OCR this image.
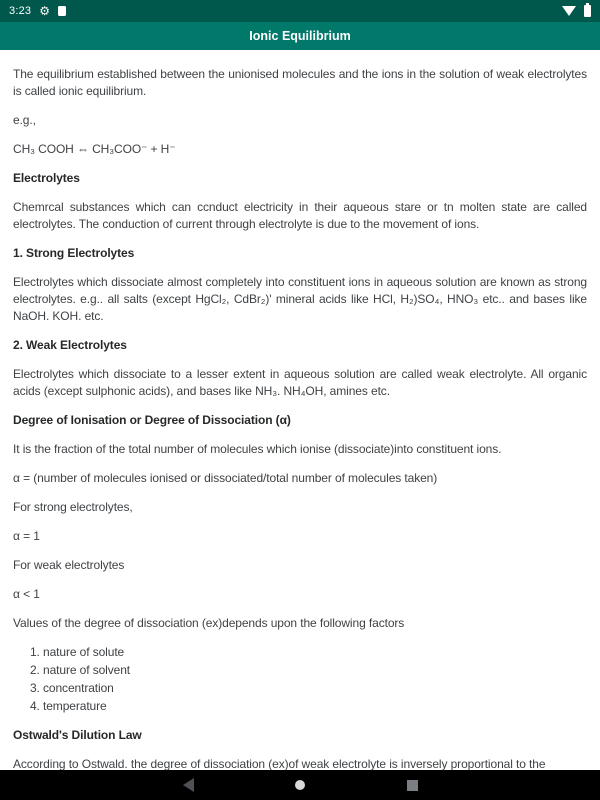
3:23 ⚙
Ionic Equilibrium

The equilibrium established between the unionised molecules and the ions in the solution of weak electrolytes is called ionic equilibrium.

e.g.,

CH₃ COOH ⇔ CH₃COO⁻ + H⁻

Electrolytes

Chemrcal substances which can ccnduct electricity in their aqueous stare or tn molten state are called electrolytes. The conduction of current through electrolyte is due to the movement of ions.

1. Strong Electrolytes

Electrolytes which dissociate almost completely into constituent ions in aqueous solution are known as strong electrolytes. e.g.. all salts (except HgCl₂, CdBr₂)' mineral acids like HCl, H₂)SO₄, HNO₃ etc.. and bases like NaOH. KOH. etc.

2. Weak Electrolytes

Electrolytes which dissociate to a lesser extent in aqueous solution are called weak electrolyte. All organic acids (except sulphonic acids), and bases like NH₃. NH₄OH, amines etc.

Degree of Ionisation or Degree of Dissociation (α)

It is the fraction of the total number of molecules which ionise (dissociate)into constituent ions.

α = (number of molecules ionised or dissociated/total number of molecules taken)

For strong electrolytes,

α = 1

For weak electrolytes

α < 1

Values of the degree of dissociation (ex)depends upon the following factors

1. nature of solute
2. nature of solvent
3. concentration
4. temperature

Ostwald's Dilution Law

According to Ostwald. the degree of dissociation (ex)of weak electrolyte is inversely proportional to the
